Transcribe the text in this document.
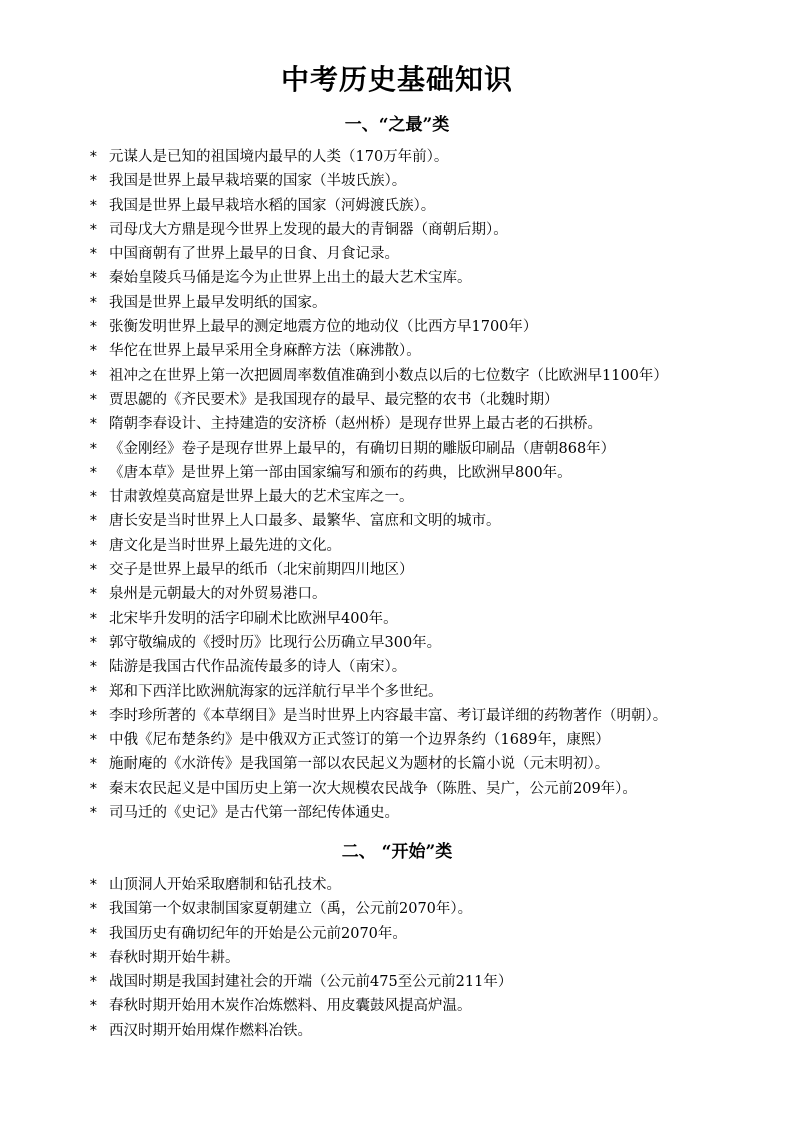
中考历史基础知识
一、“之最”类
* 元谋人是已知的祖国境内最早的人类（170万年前）。
* 我国是世界上最早栽培粟的国家（半坡氏族）。
* 我国是世界上最早栽培水稻的国家（河姆渡氏族）。
* 司母戊大方鼎是现今世界上发现的最大的青铜器（商朝后期）。
* 中国商朝有了世界上最早的日食、月食记录。
* 秦始皇陵兵马俑是迄今为止世界上出土的最大艺术宝库。
* 我国是世界上最早发明纸的国家。
* 张衡发明世界上最早的测定地震方位的地动仪（比西方早1700年）
* 华佗在世界上最早采用全身麻醉方法（麻沸散）。
* 祖冲之在世界上第一次把圆周率数值准确到小数点以后的七位数字（比欧洲早1100年）
* 贾思勰的《齐民要术》是我国现存的最早、最完整的农书（北魏时期）
* 隋朝李春设计、主持建造的安济桥（赵州桥）是现存世界上最古老的石拱桥。
* 《金刚经》卷子是现存世界上最早的，有确切日期的雕版印刷品（唐朝868年）
* 《唐本草》是世界上第一部由国家编写和颁布的药典，比欧洲早800年。
* 甘肃敦煌莫高窟是世界上最大的艺术宝库之一。
* 唐长安是当时世界上人口最多、最繁华、富庶和文明的城市。
* 唐文化是当时世界上最先进的文化。
* 交子是世界上最早的纸币（北宋前期四川地区）
* 泉州是元朝最大的对外贸易港口。
* 北宋毕升发明的活字印刷术比欧洲早400年。
* 郭守敬编成的《授时历》比现行公历确立早300年。
* 陆游是我国古代作品流传最多的诗人（南宋）。
* 郑和下西洋比欧洲航海家的远洋航行早半个多世纪。
* 李时珍所著的《本草纲目》是当时世界上内容最丰富、考订最详细的药物著作（明朝）。
* 中俄《尼布楚条约》是中俄双方正式签订的第一个边界条约（1689年，康熙）
* 施耐庵的《水浒传》是我国第一部以农民起义为题材的长篇小说（元末明初）。
* 秦末农民起义是中国历史上第一次大规模农民战争（陈胜、吴广，公元前209年）。
* 司马迁的《史记》是古代第一部纪传体通史。
二、 “开始”类
* 山顶洞人开始采取磨制和钻孔技术。
* 我国第一个奴隶制国家夏朝建立（禹，公元前2070年）。
* 我国历史有确切纪年的开始是公元前2070年。
* 春秋时期开始牛耕。
* 战国时期是我国封建社会的开端（公元前475至公元前211年）
* 春秋时期开始用木炭作冶炼燃料、用皮囊鼓风提高炉温。
* 西汉时期开始用煤作燃料冶铁。
